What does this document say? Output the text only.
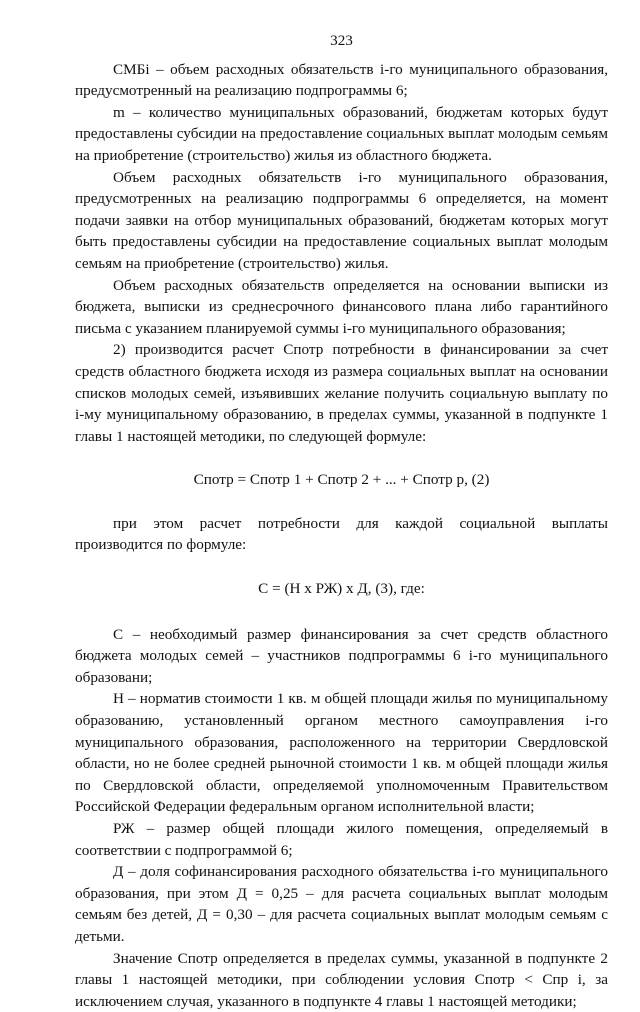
323

СМБi – объем расходных обязательств i-го муниципального образования, предусмотренный на реализацию подпрограммы 6;

m – количество муниципальных образований, бюджетам которых будут предоставлены субсидии на предоставление социальных выплат молодым семьям на приобретение (строительство) жилья из областного бюджета.

Объем расходных обязательств i-го муниципального образования, предусмотренных на реализацию подпрограммы 6 определяется, на момент подачи заявки на отбор муниципальных образований, бюджетам которых могут быть предоставлены субсидии на предоставление социальных выплат молодым семьям на приобретение (строительство) жилья.

Объем расходных обязательств определяется на основании выписки из бюджета, выписки из среднесрочного финансового плана либо гарантийного письма с указанием планируемой суммы i-го муниципального образования;

2) производится расчет Спотр потребности в финансировании за счет средств областного бюджета исходя из размера социальных выплат на основании списков молодых семей, изъявивших желание получить социальную выплату по i-му муниципальному образованию, в пределах суммы, указанной в подпункте 1 главы 1 настоящей методики, по следующей формуле:

Спотр = Спотр 1 + Спотр 2 + ... + Спотр р, (2)

при этом расчет потребности для каждой социальной выплаты производится по формуле:

С = (Н х РЖ) х Д, (3), где:

С – необходимый размер финансирования за счет средств областного бюджета молодых семей – участников подпрограммы 6 i-го муниципального образовани;

Н – норматив стоимости 1 кв. м общей площади жилья по муниципальному образованию, установленный органом местного самоуправления i-го муниципального образования, расположенного на территории Свердловской области, но не более средней рыночной стоимости 1 кв. м общей площади жилья по Свердловской области, определяемой уполномоченным Правительством Российской Федерации федеральным органом исполнительной власти;

РЖ – размер общей площади жилого помещения, определяемый в соответствии с подпрограммой 6;

Д – доля софинансирования расходного обязательства i-го муниципального образования, при этом Д = 0,25 – для расчета социальных выплат молодым семьям без детей, Д = 0,30 – для расчета социальных выплат молодым семьям с детьми.

Значение Спотр определяется в пределах суммы, указанной в подпункте 2 главы 1 настоящей методики, при соблюдении условия Спотр < Спр i, за исключением случая, указанного в подпункте 4 главы 1 настоящей методики;
